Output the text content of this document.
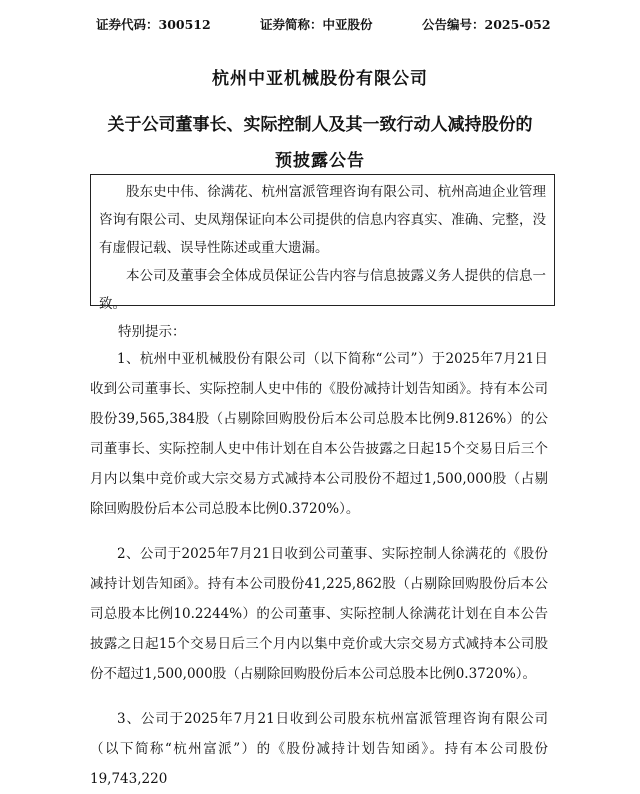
证券代码：300512	证券简称：中亚股份	公告编号：2025-052
杭州中亚机械股份有限公司
关于公司董事长、实际控制人及其一致行动人减持股份的
预披露公告

股东史中伟、徐满花、杭州富派管理咨询有限公司、杭州高迪企业管理咨询有限公司、史凤翔保证向本公司提供的信息内容真实、准确、完整，没有虚假记载、误导性陈述或重大遗漏。

本公司及董事会全体成员保证公告内容与信息披露义务人提供的信息一致。

特别提示：

1、杭州中亚机械股份有限公司（以下简称“公司”）于2025年7月21日收到公司董事长、实际控制人史中伟的《股份减持计划告知函》。持有本公司股份39,565,384股（占剔除回购股份后本公司总股本比例9.8126%）的公司董事长、实际控制人史中伟计划在自本公告披露之日起15个交易日后三个月内以集中竞价或大宗交易方式减持本公司股份不超过1,500,000股（占剔除回购股份后本公司总股本比例0.3720%）。

2、公司于2025年7月21日收到公司董事、实际控制人徐满花的《股份减持计划告知函》。持有本公司股份41,225,862股（占剔除回购股份后本公司总股本比例10.2244%）的公司董事、实际控制人徐满花计划在自本公告披露之日起15个交易日后三个月内以集中竞价或大宗交易方式减持本公司股份不超过1,500,000股（占剔除回购股份后本公司总股本比例0.3720%）。

3、公司于2025年7月21日收到公司股东杭州富派管理咨询有限公司（以下简称“杭州富派”）的《股份减持计划告知函》。持有本公司股份19,743,220
